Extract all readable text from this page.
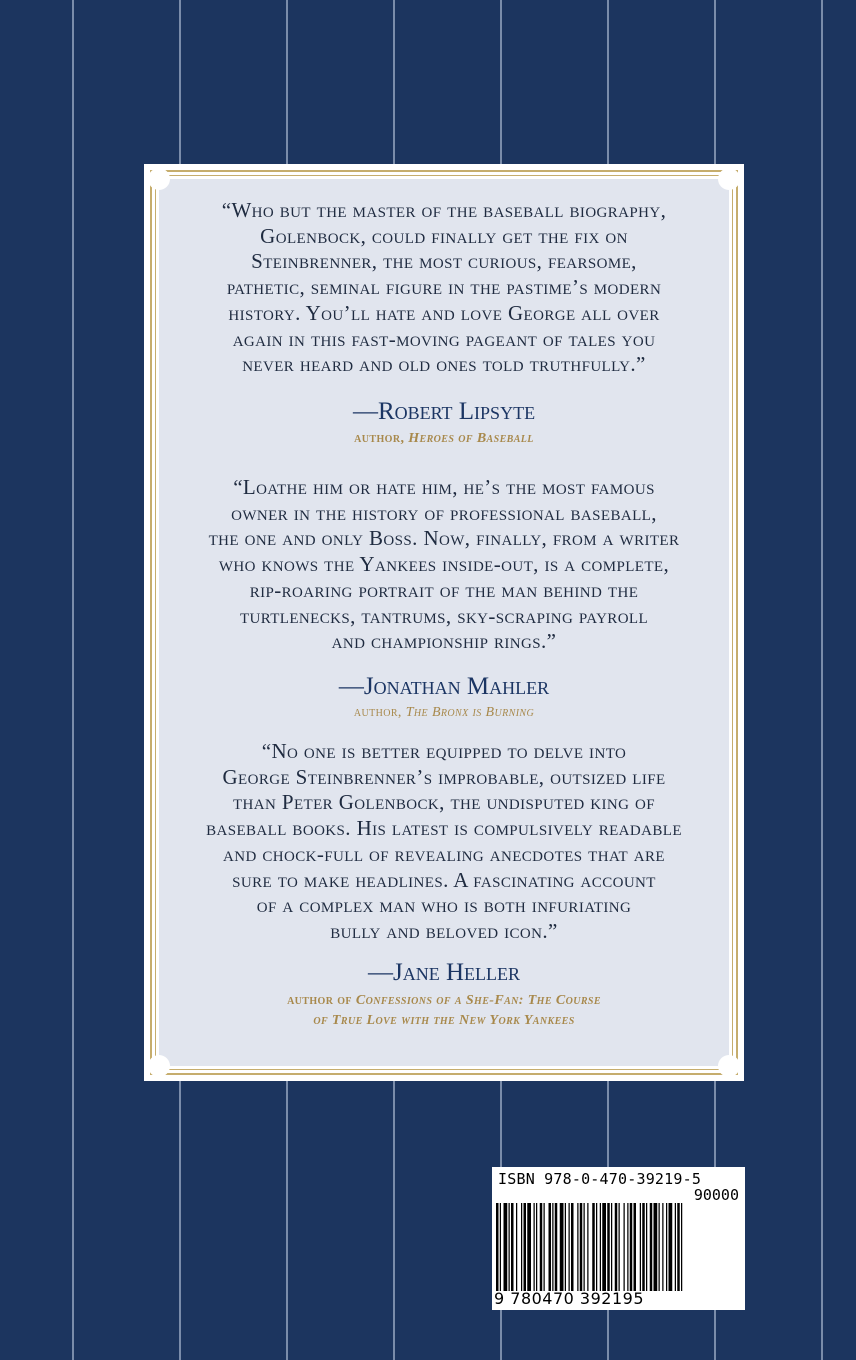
“Who but the master of the baseball biography,
Golenbock, could finally get the fix on
Steinbrenner, the most curious, fearsome,
pathetic, seminal figure in the pastime’s modern
history. You’ll hate and love George all over
again in this fast-moving pageant of tales you
never heard and old ones told truthfully.”

—Robert Lipsyte

author, Heroes of Baseball

“Loathe him or hate him, he’s the most famous
owner in the history of professional baseball,
the one and only Boss. Now, finally, from a writer
who knows the Yankees inside-out, is a complete,
rip-roaring portrait of the man behind the
turtlenecks, tantrums, sky-scraping payroll
and championship rings.”

—Jonathan Mahler

author, The Bronx is Burning

“No one is better equipped to delve into
George Steinbrenner’s improbable, outsized life
than Peter Golenbock, the undisputed king of
baseball books. His latest is compulsively readable
and chock-full of revealing anecdotes that are
sure to make headlines. A fascinating account
of a complex man who is both infuriating
bully and beloved icon.”

—Jane Heller

author of Confessions of a She-Fan: The Course

of True Love with the New York Yankees

ISBN 978-0-470-39219-5
90000
9 780470 392195
